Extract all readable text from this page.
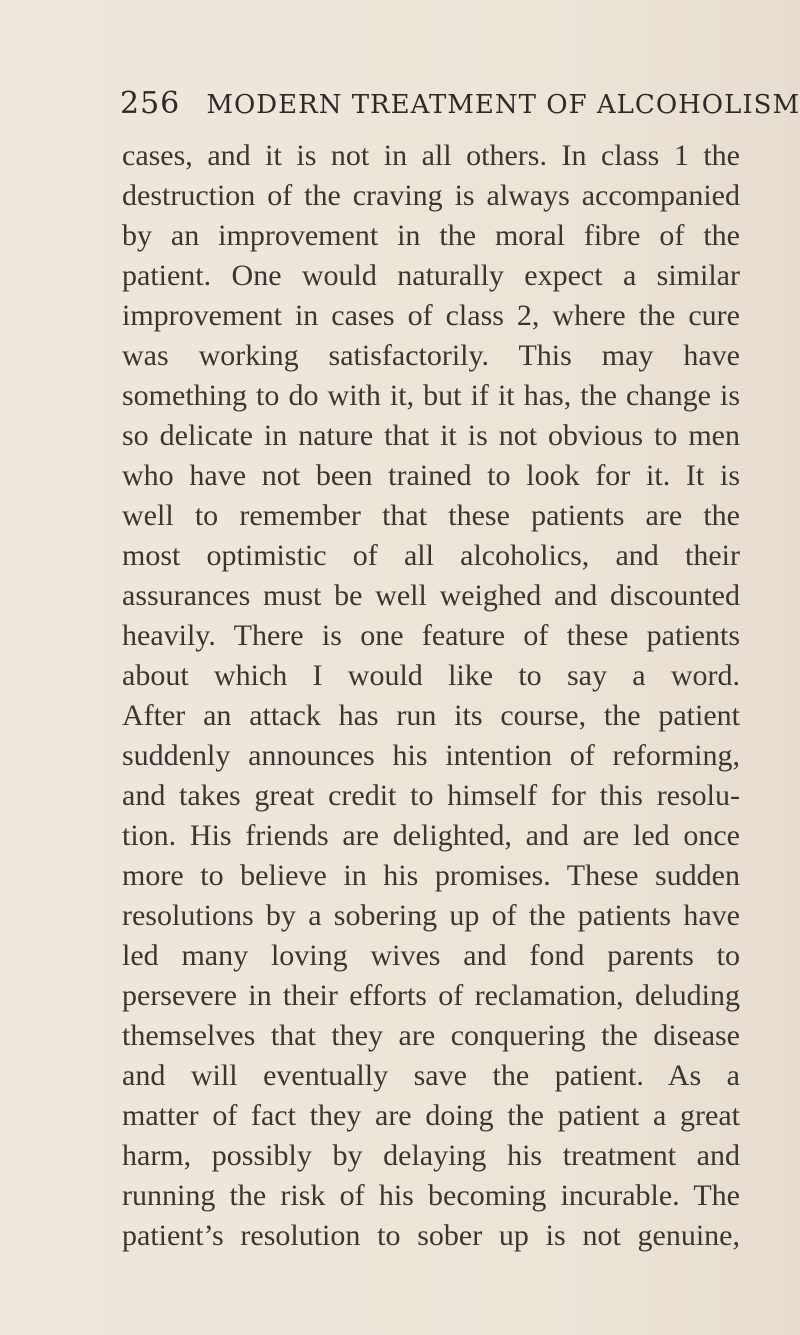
256 MODERN TREATMENT OF ALCOHOLISM
cases, and it is not in all others. In class 1 the
destruction of the craving is always accompanied
by an improvement in the moral fibre of the
patient. One would naturally expect a similar
improvement in cases of class 2, where the cure
was working satisfactorily. This may have
something to do with it, but if it has, the change is
so delicate in nature that it is not obvious to men
who have not been trained to look for it. It is
well to remember that these patients are the
most optimistic of all alcoholics, and their
assurances must be well weighed and discounted
heavily. There is one feature of these patients
about which I would like to say a word.
After an attack has run its course, the patient
suddenly announces his intention of reforming,
and takes great credit to himself for this resolu-
tion. His friends are delighted, and are led once
more to believe in his promises. These sudden
resolutions by a sobering up of the patients have
led many loving wives and fond parents to
persevere in their efforts of reclamation, deluding
themselves that they are conquering the disease
and will eventually save the patient. As a
matter of fact they are doing the patient a great
harm, possibly by delaying his treatment and
running the risk of his becoming incurable. The
patient’s resolution to sober up is not genuine,
